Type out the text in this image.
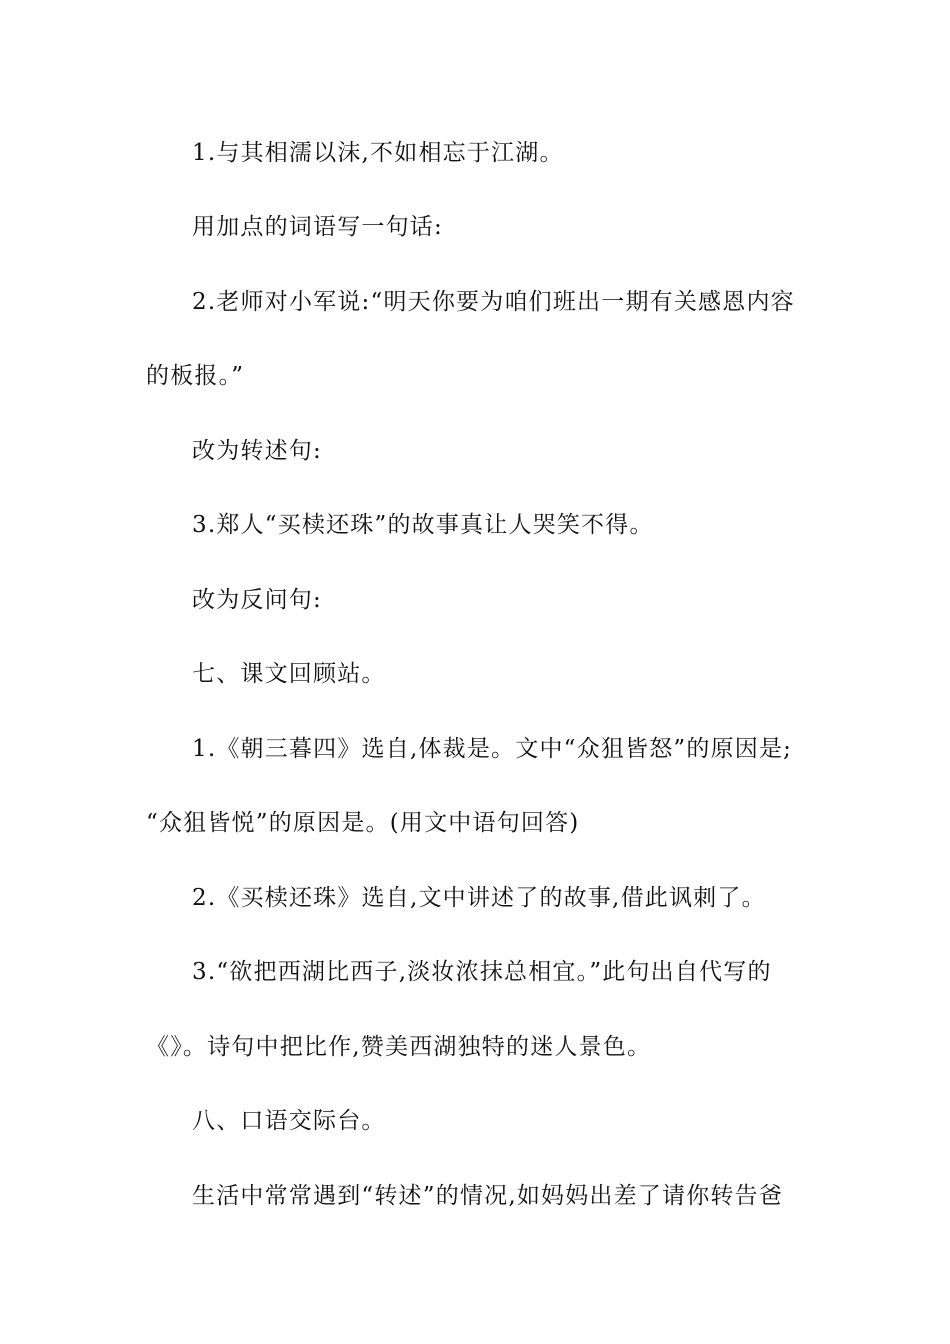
1.与其相濡以沫,不如相忘于江湖。
用加点的词语写一句话:
2.老师对小军说:“明天你要为咱们班出一期有关感恩内容
的板报。”
改为转述句:
3.郑人“买椟还珠”的故事真让人哭笑不得。
改为反问句:
七、课文回顾站。
1.《朝三暮四》选自,体裁是。文中“众狙皆怒”的原因是;
“众狙皆悦”的原因是。(用文中语句回答)
2.《买椟还珠》选自,文中讲述了的故事,借此讽刺了。
3.“欲把西湖比西子,淡妆浓抹总相宜。”此句出自代写的
《》。诗句中把比作,赞美西湖独特的迷人景色。
八、口语交际台。
生活中常常遇到“转述”的情况,如妈妈出差了请你转告爸
